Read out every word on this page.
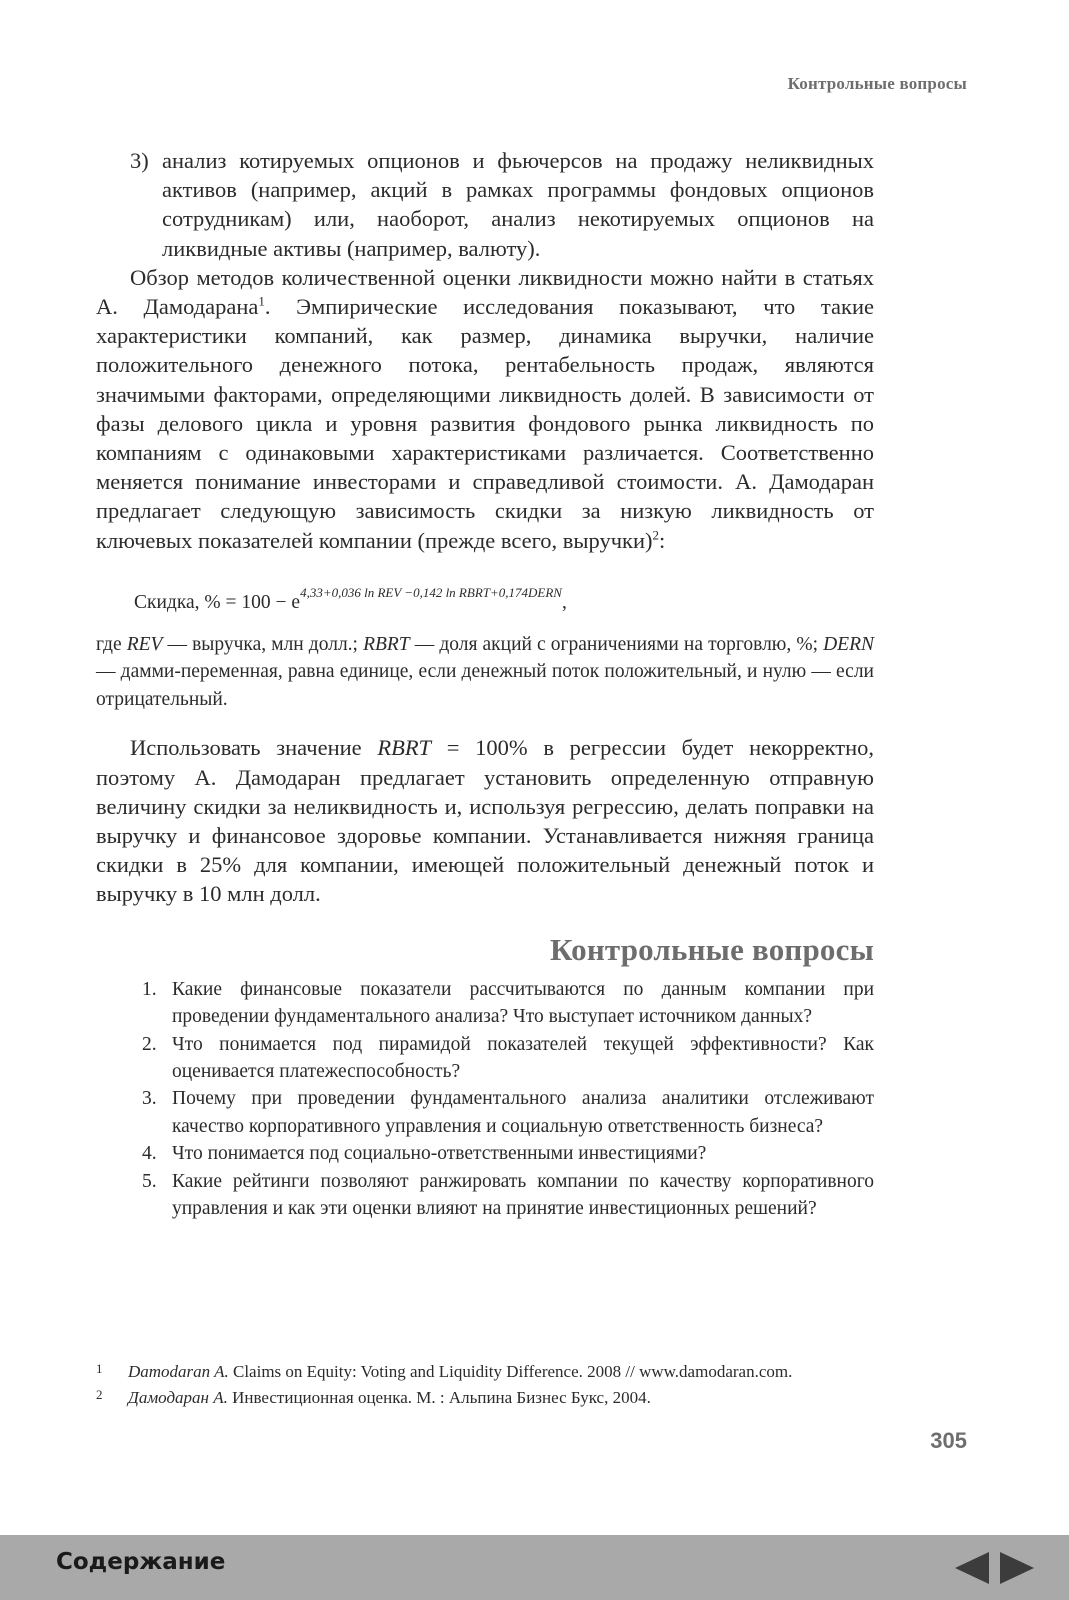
Контрольные вопросы
3) анализ котируемых опционов и фьючерсов на продажу неликвидных активов (например, акций в рамках программы фондовых опционов сотрудникам) или, наоборот, анализ некотируемых опционов на ликвидные активы (например, валюту).

Обзор методов количественной оценки ликвидности можно найти в статьях А. Дамодарана$^1$. Эмпирические исследования показывают, что такие характеристики компаний, как размер, динамика выручки, наличие положительного денежного потока, рентабельность продаж, являются значимыми факторами, определяющими ликвидность долей. В зависимости от фазы делового цикла и уровня развития фондового рынка ликвидность по компаниям с одинаковыми характеристиками различается. Соответственно меняется понимание инвесторами и справедливой стоимости. А. Дамодаран предлагает следующую зависимость скидки за низкую ликвидность от ключевых показателей компании (прежде всего, выручки)$^2$:

Скидка, % = $100 - e^{4,33+0,036 ln REV -0,142 ln RBRT+0,174DERN}$,
где REV — выручка, млн долл.; RBRT — доля акций с ограничениями на торговлю, %; DERN — дамми-переменная, равна единице, если денежный поток положительный, и нулю — если отрицательный.

Использовать значение RBRT = 100% в регрессии будет некорректно, поэтому А. Дамодаран предлагает установить определенную отправную величину скидки за неликвидность и, используя регрессию, делать поправки на выручку и финансовое здоровье компании. Устанавливается нижняя граница скидки в 25% для компании, имеющей положительный денежный поток и выручку в 10 млн долл.

Контрольные вопросы
1. Какие финансовые показатели рассчитываются по данным компании при проведении фундаментального анализа? Что выступает источником данных?
2. Что понимается под пирамидой показателей текущей эффективности? Как оценивается платежеспособность?
3. Почему при проведении фундаментального анализа аналитики отслеживают качество корпоративного управления и социальную ответственность бизнеса?
4. Что понимается под социально-ответственными инвестициями?
5. Какие рейтинги позволяют ранжировать компании по качеству корпоративного управления и как эти оценки влияют на принятие инвестиционных решений?
1	Damodaran A. Claims on Equity: Voting and Liquidity Difference. 2008 // www.damodaran.com.
2	Дамодаран А. Инвестиционная оценка. М. : Альпина Бизнес Букс, 2004.
305
Содержание
